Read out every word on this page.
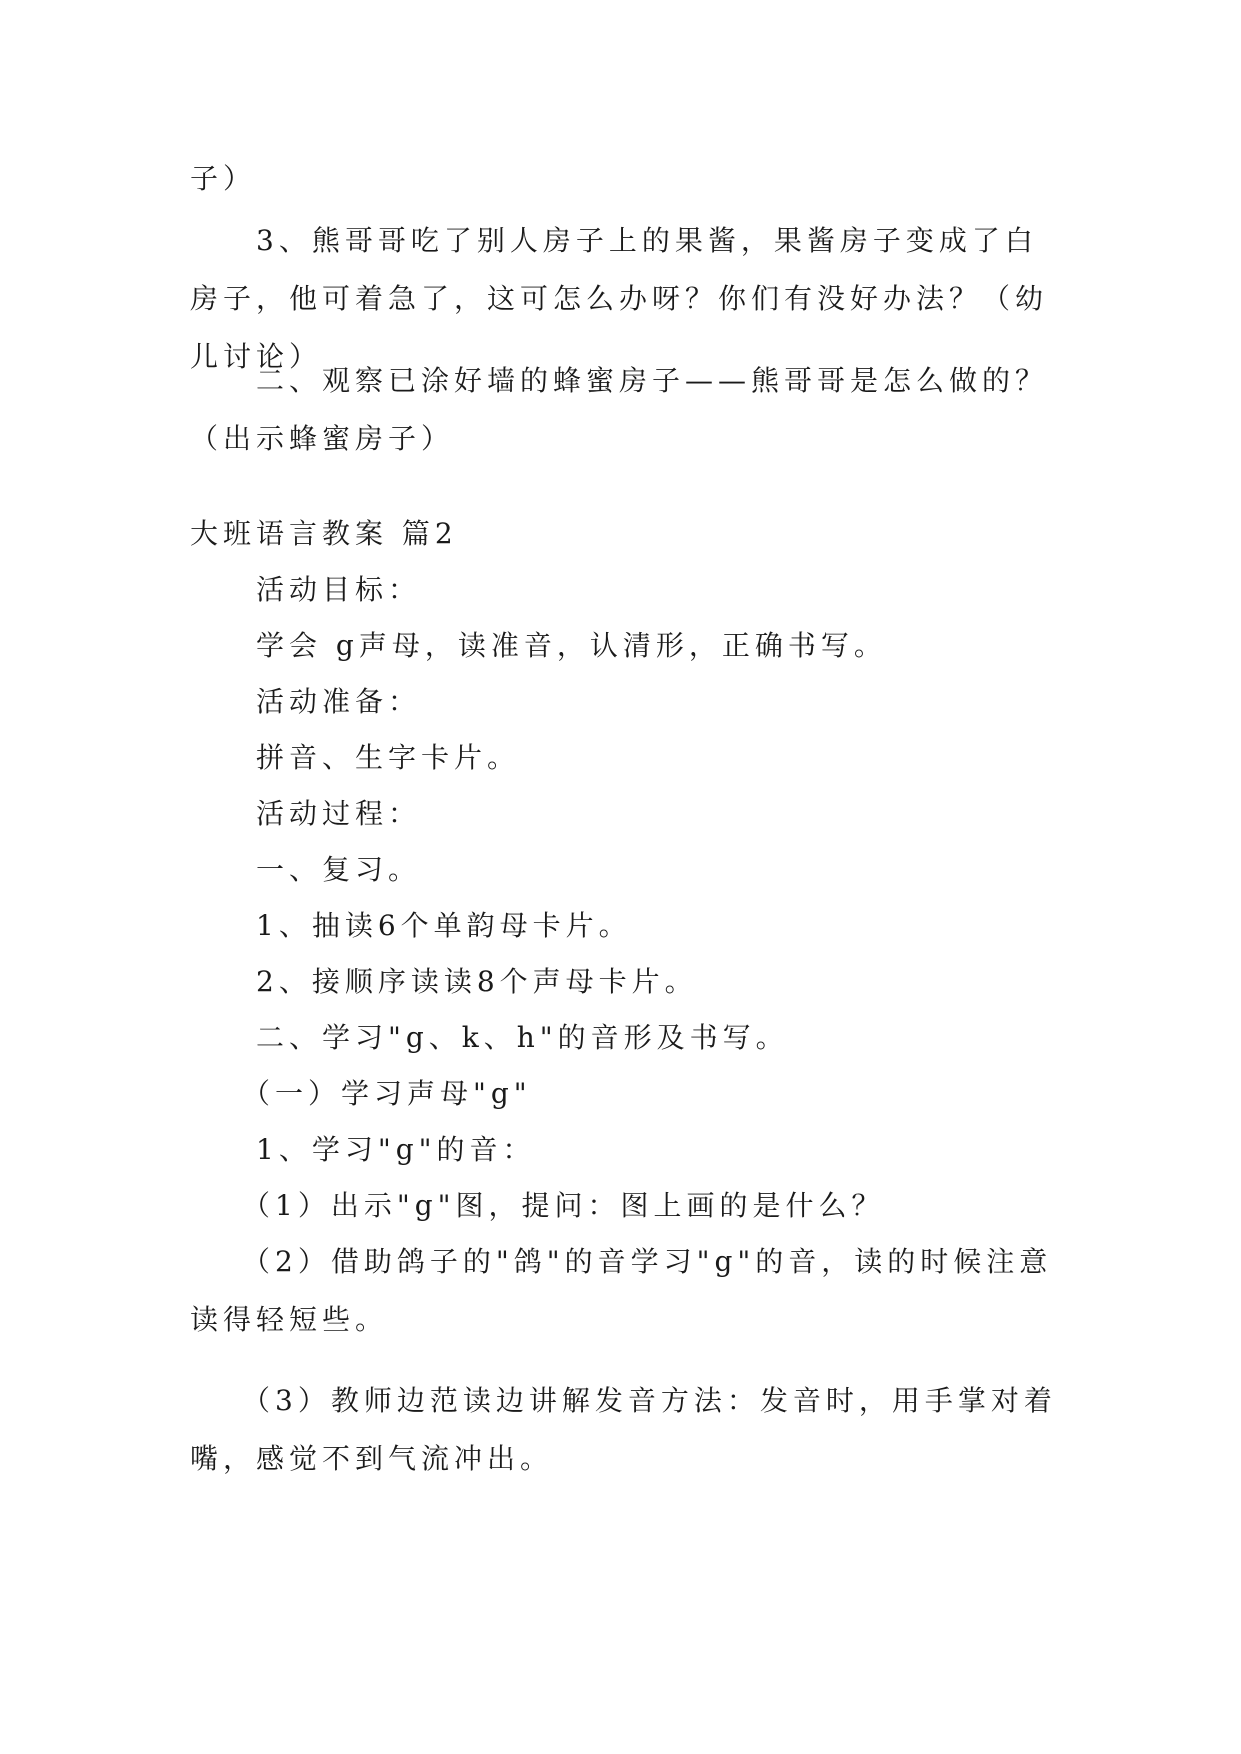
子）

　　3、熊哥哥吃了别人房子上的果酱，果酱房子变成了白房子，他可着急了，这可怎么办呀？你们有没好办法？（幼儿讨论）

　　二、观察已涂好墙的蜂蜜房子——熊哥哥是怎么做的？（出示蜂蜜房子）

大班语言教案 篇2

　　活动目标：

　　学会 g声母，读准音，认清形，正确书写。

　　活动准备：

　　拼音、生字卡片。

　　活动过程：

　　一、复习。

　　1、抽读6个单韵母卡片。

　　2、接顺序读读8个声母卡片。

　　二、学习"g、k、h"的音形及书写。

　　（一）学习声母"g"

　　1、学习"g"的音：

　　（1）出示"g"图，提问：图上画的是什么？

　　（2）借助鸽子的"鸽"的音学习"g"的音，读的时候注意读得轻短些。

　　（3）教师边范读边讲解发音方法：发音时，用手掌对着嘴，感觉不到气流冲出。
